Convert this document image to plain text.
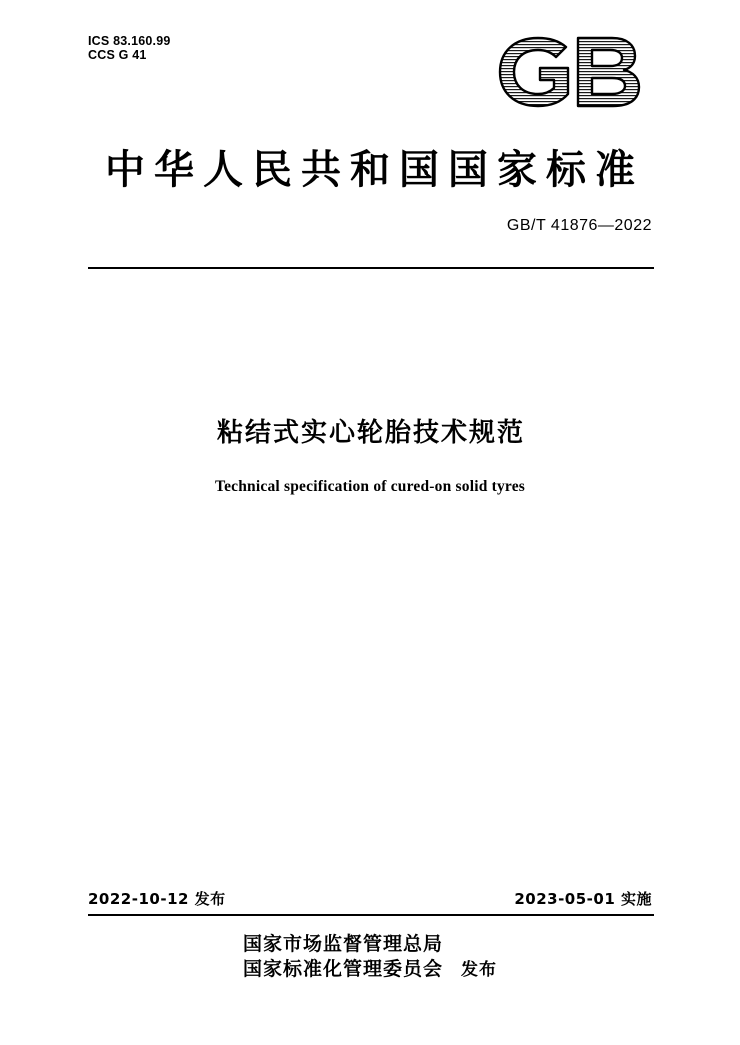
ICS 83.160.99
CCS G 41
中华人民共和国国家标准
GB/T 41876—2022
粘结式实心轮胎技术规范
Technical specification of cured-on solid tyres
2022-10-12 发布	2023-05-01 实施
国家市场监督管理总局
国家标准化管理委员会 发布
